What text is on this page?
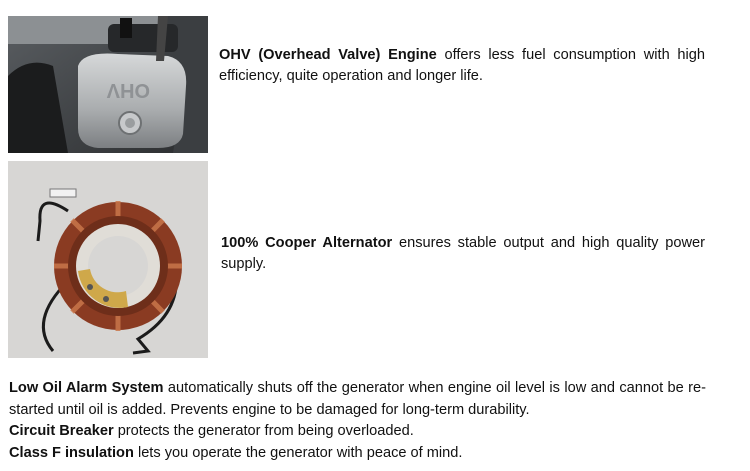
OHV
OHV (Overhead Valve) Engine offers less fuel consumption with high efficiency, quite operation and longer life.
100% Cooper Alternator ensures stable output and high quality power supply.

Low Oil Alarm System automatically shuts off the generator when engine oil level is low and cannot be re-started until oil is added. Prevents engine to be damaged for long-term durability.

Circuit Breaker protects the generator from being overloaded.

Class F insulation lets you operate the generator with peace of mind.
